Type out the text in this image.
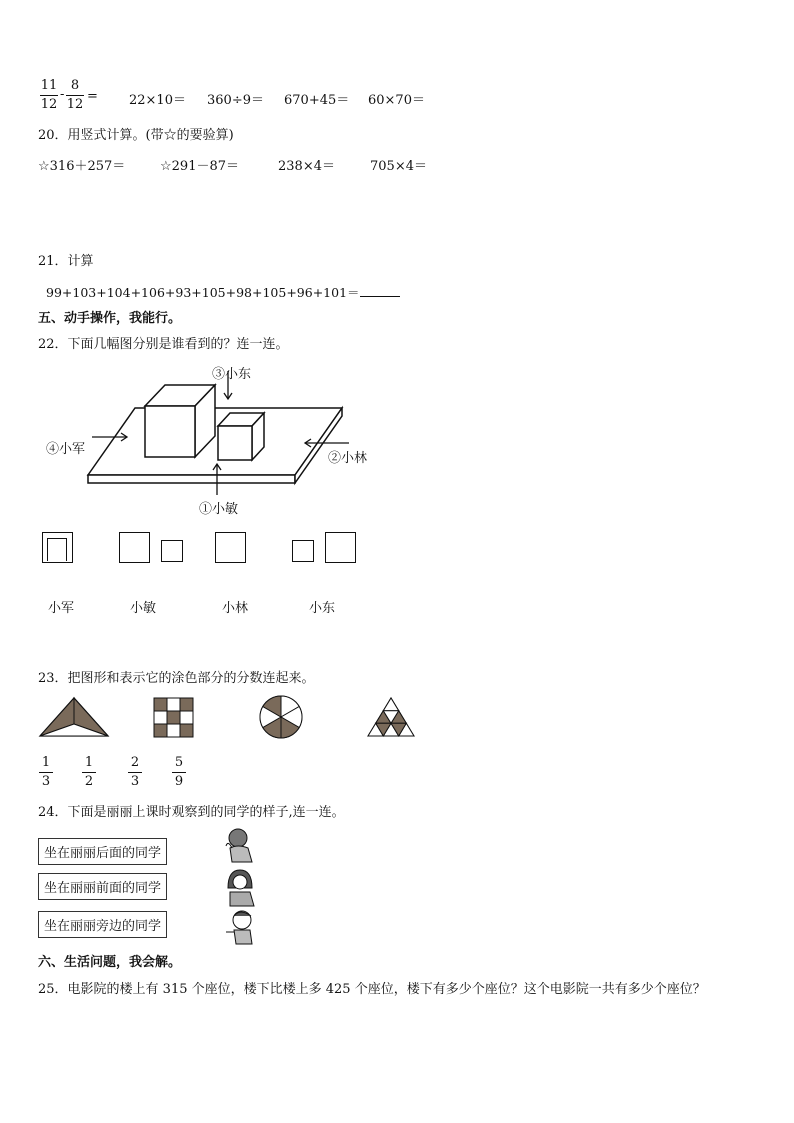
11
12
-
8
12
= 22×10＝ 360÷9＝ 670+45＝ 60×70＝
20．用竖式计算。(带☆的要验算)
☆316＋257＝	☆291－87＝	238×4＝	705×4＝
21．计算
99+103+104+106+93+105+98+105+96+101＝
五、动手操作，我能行。
22．下面几幅图分别是谁看到的？连一连。
③小东
④小军
②小林
①小敏
小军	小敏	小林	小东
23．把图形和表示它的涂色部分的分数连起来。
1
3
1
2
2
3
5
9
24．下面是丽丽上课时观察到的同学的样子,连一连。
坐在丽丽后面的同学
坐在丽丽前面的同学
坐在丽丽旁边的同学
六、生活问题，我会解。
25．电影院的楼上有 315 个座位，楼下比楼上多 425 个座位，楼下有多少个座位？这个电影院一共有多少个座位？
